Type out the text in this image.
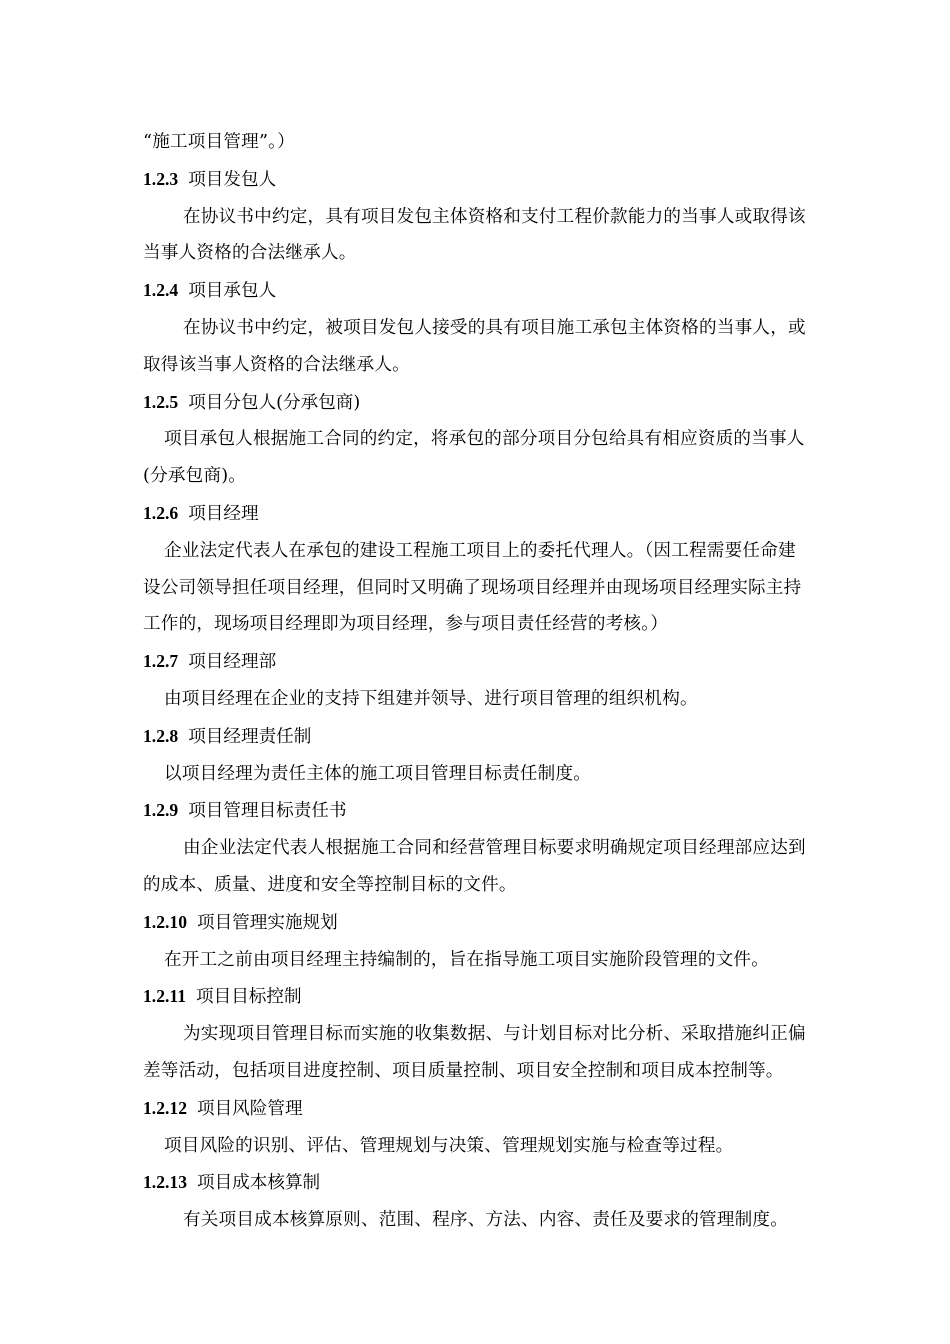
“施工项目管理”。）

1.2.3 项目发包人

在协议书中约定，具有项目发包主体资格和支付工程价款能力的当事人或取得该

当事人资格的合法继承人。

1.2.4 项目承包人

在协议书中约定，被项目发包人接受的具有项目施工承包主体资格的当事人，或

取得该当事人资格的合法继承人。

1.2.5 项目分包人(分承包商)

项目承包人根据施工合同的约定，将承包的部分项目分包给具有相应资质的当事人

(分承包商)。

1.2.6 项目经理

企业法定代表人在承包的建设工程施工项目上的委托代理人。（因工程需要任命建

设公司领导担任项目经理，但同时又明确了现场项目经理并由现场项目经理实际主持

工作的，现场项目经理即为项目经理，参与项目责任经营的考核。）

1.2.7 项目经理部

由项目经理在企业的支持下组建并领导、进行项目管理的组织机构。

1.2.8 项目经理责任制

以项目经理为责任主体的施工项目管理目标责任制度。

1.2.9 项目管理目标责任书

由企业法定代表人根据施工合同和经营管理目标要求明确规定项目经理部应达到

的成本、质量、进度和安全等控制目标的文件。

1.2.10 项目管理实施规划

在开工之前由项目经理主持编制的，旨在指导施工项目实施阶段管理的文件。

1.2.11 项目目标控制

为实现项目管理目标而实施的收集数据、与计划目标对比分析、采取措施纠正偏

差等活动，包括项目进度控制、项目质量控制、项目安全控制和项目成本控制等。

1.2.12 项目风险管理

项目风险的识别、评估、管理规划与决策、管理规划实施与检查等过程。

1.2.13 项目成本核算制

有关项目成本核算原则、范围、程序、方法、内容、责任及要求的管理制度。
